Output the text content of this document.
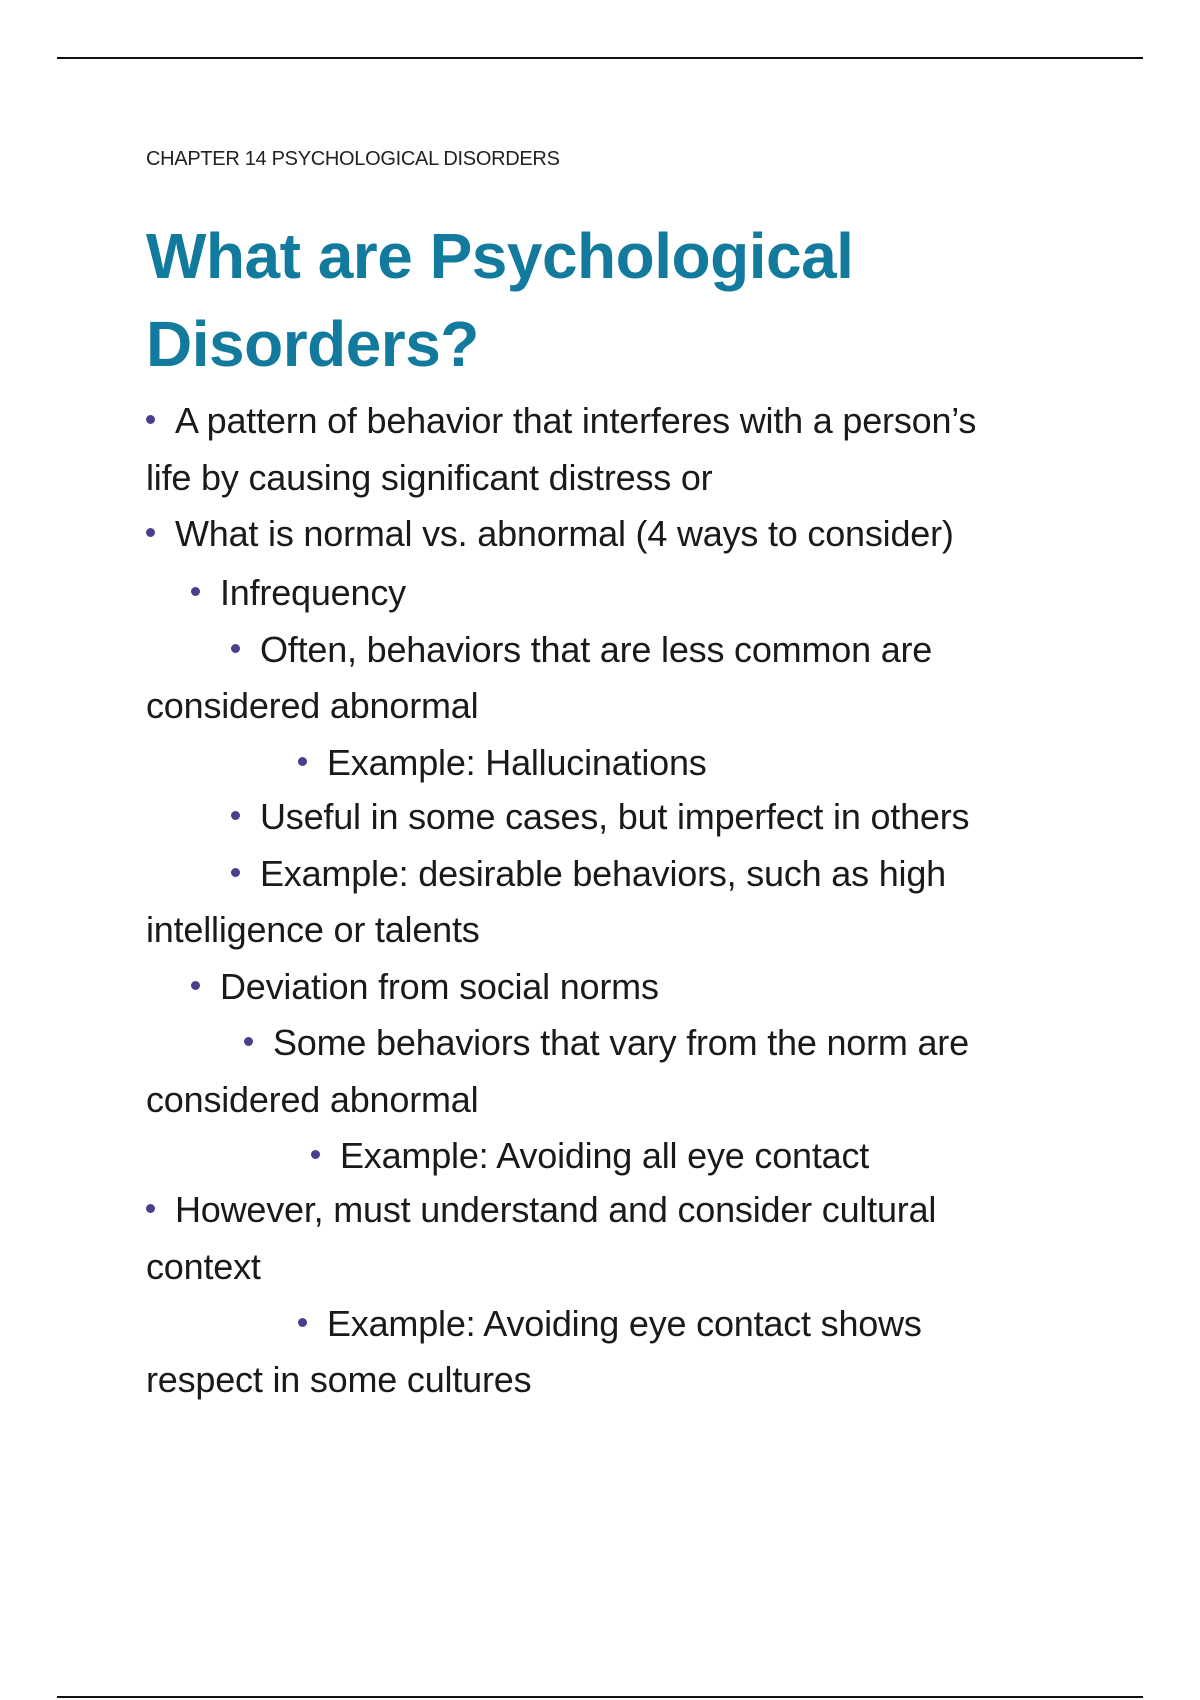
CHAPTER 14 PSYCHOLOGICAL DISORDERS
What are Psychological
Disorders?
A pattern of behavior that interferes with a person’s
life by causing significant distress or
What is normal vs. abnormal (4 ways to consider)
Infrequency
Often, behaviors that are less common are
considered abnormal
Example: Hallucinations
Useful in some cases, but imperfect in others
Example: desirable behaviors, such as high
intelligence or talents
Deviation from social norms
Some behaviors that vary from the norm are
considered abnormal
Example: Avoiding all eye contact
However, must understand and consider cultural
context
Example: Avoiding eye contact shows
respect in some cultures
